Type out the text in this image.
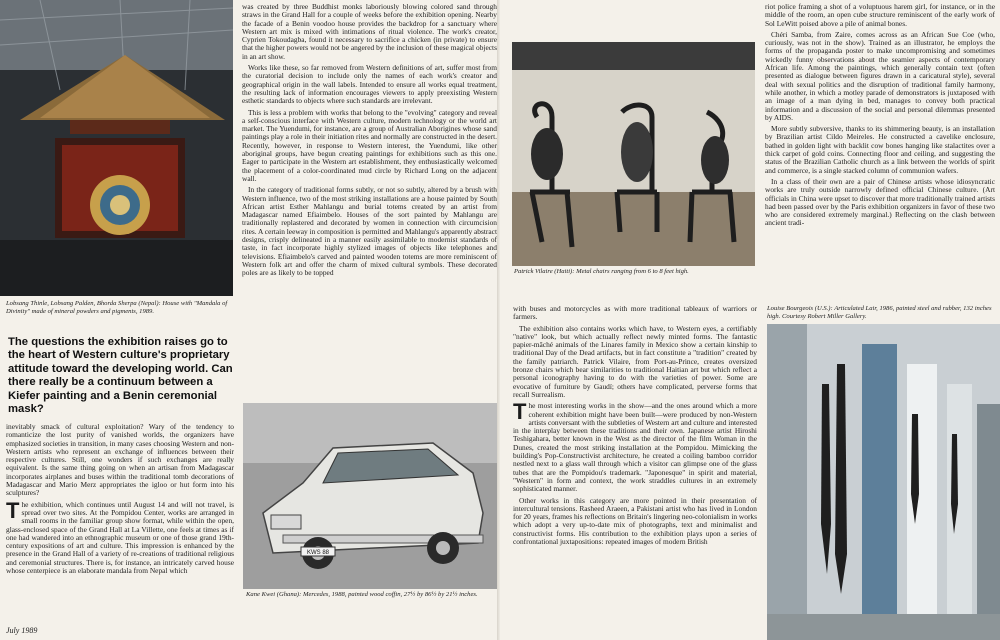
Lobsang Thinle, Lobsang Palden, Bhorda Sherpa (Nepal): House with "Mandala of Divinity" made of mineral powders and pigments, 1989.
The questions the exhibition raises go to the heart of Western culture's proprietary attitude toward the developing world. Can there really be a continuum between a Kiefer painting and a Benin ceremonial mask?

inevitably smack of cultural exploitation? Wary of the tendency to romanticize the lost purity of vanished worlds, the organizers have emphasized societies in transition, in many cases choosing Western and non-Western artists who represent an exchange of influences between their respective cultures. Still, one wonders if such exchanges are really equivalent. Is the same thing going on when an artisan from Madagascar incorporates airplanes and buses within the traditional tomb decorations of Madagascar and Mario Merz appropriates the igloo or hut form into his sculptures?

The exhibition, which continues until August 14 and will not travel, is spread over two sites. At the Pompidou Center, works are arranged in small rooms in the familiar group show format, while within the open, glass-enclosed space of the Grand Hall at La Villette, one feels at times as if one had wandered into an ethnographic museum or one of those grand 19th-century expositions of art and culture. This impression is enhanced by the presence in the Grand Hall of a variety of re-creations of traditional religious and ceremonial structures. There is, for instance, an intricately carved house whose centerpiece is an elaborate mandala from Nepal which

was created by three Buddhist monks laboriously blowing colored sand through straws in the Grand Hall for a couple of weeks before the exhibition opening. Nearby the facade of a Benin voodoo house provides the backdrop for a sanctuary where Western art mix is mixed with intimations of ritual violence. The work's creator, Cyprien Tokoudagba, found it necessary to sacrifice a chicken (in private) to ensure that the higher powers would not be angered by the inclusion of these magical objects in an art show.

Works like these, so far removed from Western definitions of art, suffer most from the curatorial decision to include only the names of each work's creator and geographical origin in the wall labels. Intended to ensure all works equal treatment, the resulting lack of information encourages viewers to apply preexisting Western esthetic standards to objects where such standards are irrelevant.

This is less a problem with works that belong to the "evolving" category and reveal a self-conscious interface with Western culture, modern technology or the world art market. The Yuendumi, for instance, are a group of Australian Aborigines whose sand paintings play a role in their initiation rites and normally are constructed in the desert. Recently, however, in response to Western interest, the Yuendumi, like other aboriginal groups, have begun creating paintings for exhibitions such as this one. Eager to participate in the Western art establishment, they enthusiastically welcomed the placement of a color-coordinated mud circle by Richard Long on the adjacent wall.

In the category of traditional forms subtly, or not so subtly, altered by a brush with Western influence, two of the most striking installations are a house painted by South African artist Esther Mahlangu and burial totems created by an artist from Madagascar named Efiaimbelo. Houses of the sort painted by Mahlangu are traditionally replastered and decorated by women in connection with circumcision rites. A certain leeway in composition is permitted and Mahlangu's apparently abstract designs, crisply delineated in a manner easily assimilable to modernist standards of taste, in fact incorporate highly stylized images of objects like telephones and televisions. Efiaimbelo's carved and painted wooden totems are more reminiscent of Western folk art and offer the charm of mixed cultural symbols. These decorated poles are as likely to be topped

KWS 88
Kane Kwei (Ghana): Mercedes, 1988, painted wood coffin, 27½ by 86½ by 21½ inches.
July 1989
Patrick Vilaire (Haiti): Metal chairs ranging from 6 to 8 feet high.

with buses and motorcycles as with more traditional tableaux of warriors or farmers.

The exhibition also contains works which have, to Western eyes, a certifiably "native" look, but which actually reflect newly minted forms. The fantastic papier-mâché animals of the Linares family in Mexico show a certain kinship to traditional Day of the Dead artifacts, but in fact constitute a "tradition" created by the family patriarch. Patrick Vilaire, from Port-au-Prince, creates oversized bronze chairs which bear similarities to traditional Haitian art but which reflect a personal iconography having to do with the varieties of power. Some are evocative of furniture by Gaudí; others have complicated, perverse forms that recall Surrealism.

The most interesting works in the show—and the ones around which a more coherent exhibition might have been built—were produced by non-Western artists conversant with the subtleties of Western art and culture and interested in the interplay between these traditions and their own. Japanese artist Hiroshi Teshigahara, better known in the West as the director of the film Woman in the Dunes, created the most striking installation at the Pompidou. Mimicking the building's Pop-Constructivist architecture, he created a coiling bamboo corridor nestled next to a glass wall through which a visitor can glimpse one of the glass tubes that are the Pompidou's trademark. "Japonesque" in spirit and material, "Western" in form and context, the work straddles cultures in an extremely sophisticated manner.

Other works in this category are more pointed in their presentation of intercultural tensions. Rasheed Araeen, a Pakistani artist who has lived in London for 20 years, frames his reflections on Britain's lingering neo-colonialism in works which adopt a very up-to-date mix of photographs, text and minimalist and constructivist forms. His contribution to the exhibition plays upon a series of confrontational juxtapositions: repeated images of modern British

riot police framing a shot of a voluptuous harem girl, for instance, or in the middle of the room, an open cube structure reminiscent of the early work of Sol LeWitt poised above a pile of animal bones.

Chéri Samba, from Zaire, comes across as an African Sue Coe (who, curiously, was not in the show). Trained as an illustrator, he employs the forms of the propaganda poster to make uncompromising and sometimes wickedly funny observations about the seamier aspects of contemporary African life. Among the paintings, which generally contain text (often presented as dialogue between figures drawn in a caricatural style), several deal with sexual politics and the disruption of traditional family harmony, while another, in which a motley parade of demonstrators is juxtaposed with an image of a man dying in bed, manages to convey both practical information and a discussion of the social and personal dilemmas presented by AIDS.

More subtly subversive, thanks to its shimmering beauty, is an installation by Brazilian artist Cildo Meireles. He constructed a cavelike enclosure, bathed in golden light with backlit cow bones hanging like stalactites over a thick carpet of gold coins. Connecting floor and ceiling, and suggesting the status of the Brazilian Catholic church as a link between the worlds of spirit and commerce, is a single stacked column of communion wafers.

In a class of their own are a pair of Chinese artists whose idiosyncratic works are truly outside narrowly defined official Chinese culture. (Art officials in China were upset to discover that more traditionally trained artists had been passed over by the Paris exhibition organizers in favor of these two who are considered extremely marginal.) Reflecting on the clash between ancient tradi-

Louise Bourgeois (U.S.): Articulated Lair, 1986, painted steel and rubber, 132 inches high. Courtesy Robert Miller Gallery.
